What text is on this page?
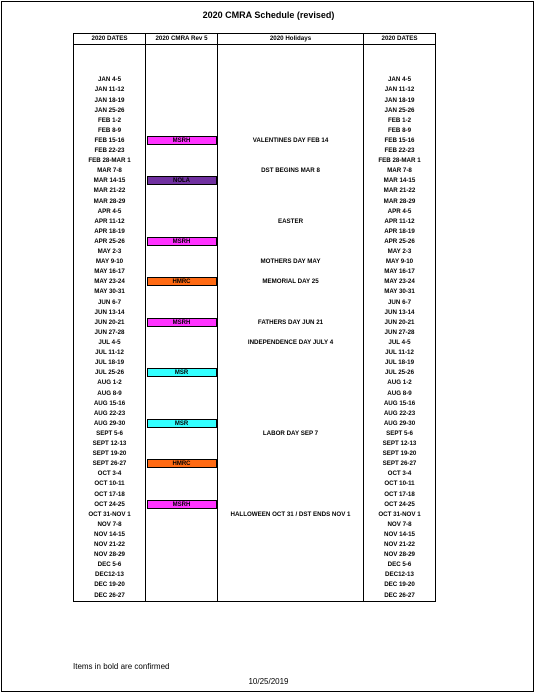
2020 CMRA Schedule (revised)
2020 DATES	2020 CMRA Rev 5	2020 Holidays	2020 DATES

JAN 4-5			JAN 4-5
JAN 11-12			JAN 11-12
JAN 18-19			JAN 18-19
JAN 25-26			JAN 25-26
FEB 1-2			FEB 1-2
FEB 8-9			FEB 8-9
FEB 15-16	MSRH	VALENTINES DAY FEB 14	FEB 15-16
FEB 22-23			FEB 22-23
FEB 28-MAR 1			FEB 28-MAR 1
MAR 7-8		DST BEGINS MAR 8	MAR 7-8
MAR 14-15	NOLA		MAR 14-15
MAR 21-22			MAR 21-22
MAR 28-29			MAR 28-29
APR 4-5			APR 4-5
APR 11-12		EASTER	APR 11-12
APR 18-19			APR 18-19
APR 25-26	MSRH		APR 25-26
MAY 2-3			MAY 2-3
MAY 9-10		MOTHERS DAY MAY	MAY 9-10
MAY 16-17			MAY 16-17
MAY 23-24	HMRC	MEMORIAL DAY 25	MAY 23-24
MAY 30-31			MAY 30-31
JUN 6-7			JUN 6-7
JUN 13-14			JUN 13-14
JUN 20-21	MSRH	FATHERS DAY JUN 21	JUN 20-21
JUN 27-28			JUN 27-28
JUL 4-5		INDEPENDENCE DAY JULY 4	JUL 4-5
JUL 11-12			JUL 11-12
JUL 18-19			JUL 18-19
JUL 25-26	MSR		JUL 25-26
AUG 1-2			AUG 1-2
AUG 8-9			AUG 8-9
AUG 15-16			AUG 15-16
AUG 22-23			AUG 22-23
AUG 29-30	MSR		AUG 29-30
SEPT 5-6		LABOR DAY SEP 7	SEPT 5-6
SEPT 12-13			SEPT 12-13
SEPT 19-20			SEPT 19-20
SEPT 26-27	HMRC		SEPT 26-27
OCT 3-4			OCT 3-4
OCT 10-11			OCT 10-11
OCT 17-18			OCT 17-18
OCT 24-25	MSRH		OCT 24-25
OCT 31-NOV 1		HALLOWEEN OCT 31 / DST ENDS NOV 1	OCT 31-NOV 1
NOV 7-8			NOV 7-8
NOV 14-15			NOV 14-15
NOV 21-22			NOV 21-22
NOV 28-29			NOV 28-29
DEC 5-6			DEC 5-6
DEC12-13			DEC12-13
DEC 19-20			DEC 19-20
DEC 26-27			DEC 26-27
Items in bold are confirmed
10/25/2019
